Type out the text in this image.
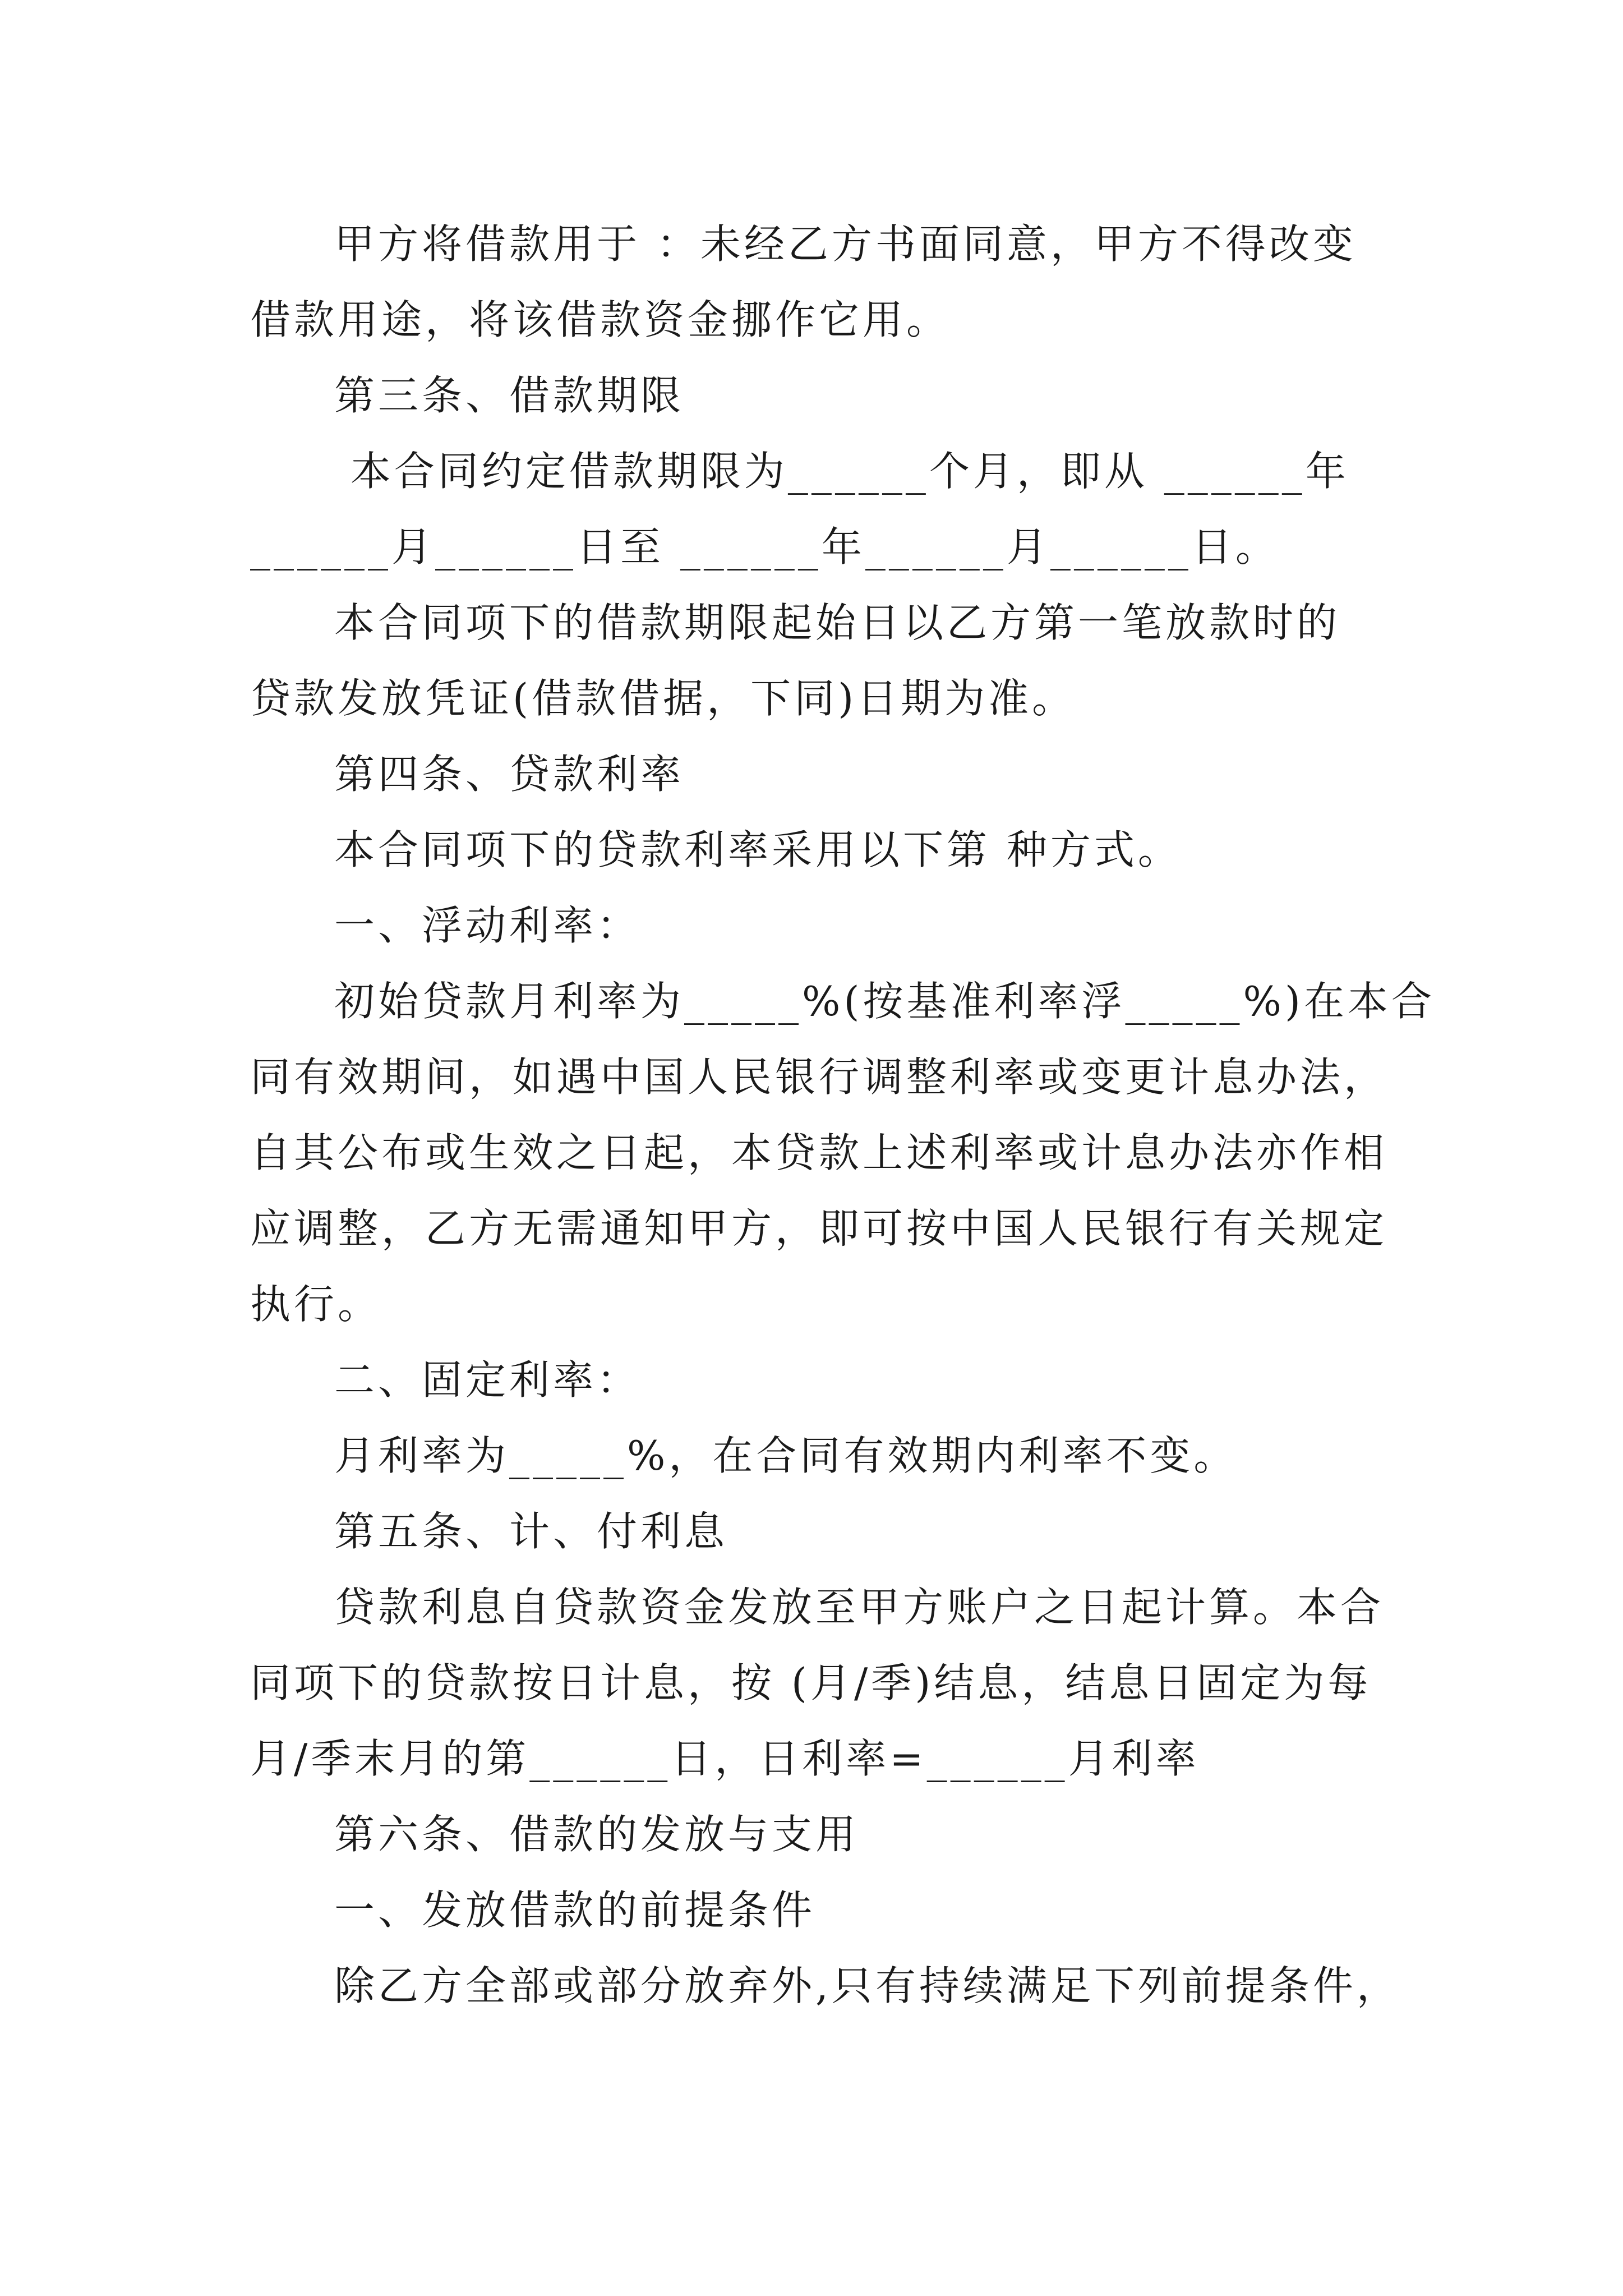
甲方将借款用于 ：未经乙方书面同意，甲方不得改变
借款用途，将该借款资金挪作它用。
第三条、借款期限
本合同约定借款期限为______个月，即从 ______年
______月______日至 ______年______月______日。
本合同项下的借款期限起始日以乙方第一笔放款时的
贷款发放凭证(借款借据，下同)日期为准。
第四条、贷款利率
本合同项下的贷款利率采用以下第 种方式。
一、浮动利率：
初始贷款月利率为_____%(按基准利率浮_____%)在本合
同有效期间，如遇中国人民银行调整利率或变更计息办法，
自其公布或生效之日起，本贷款上述利率或计息办法亦作相
应调整，乙方无需通知甲方，即可按中国人民银行有关规定
执行。
二、固定利率：
月利率为_____%，在合同有效期内利率不变。
第五条、计、付利息
贷款利息自贷款资金发放至甲方账户之日起计算。本合
同项下的贷款按日计息，按 (月/季)结息，结息日固定为每
月/季末月的第______日，日利率=______月利率
第六条、借款的发放与支用
一、发放借款的前提条件
除乙方全部或部分放弃外,只有持续满足下列前提条件，
